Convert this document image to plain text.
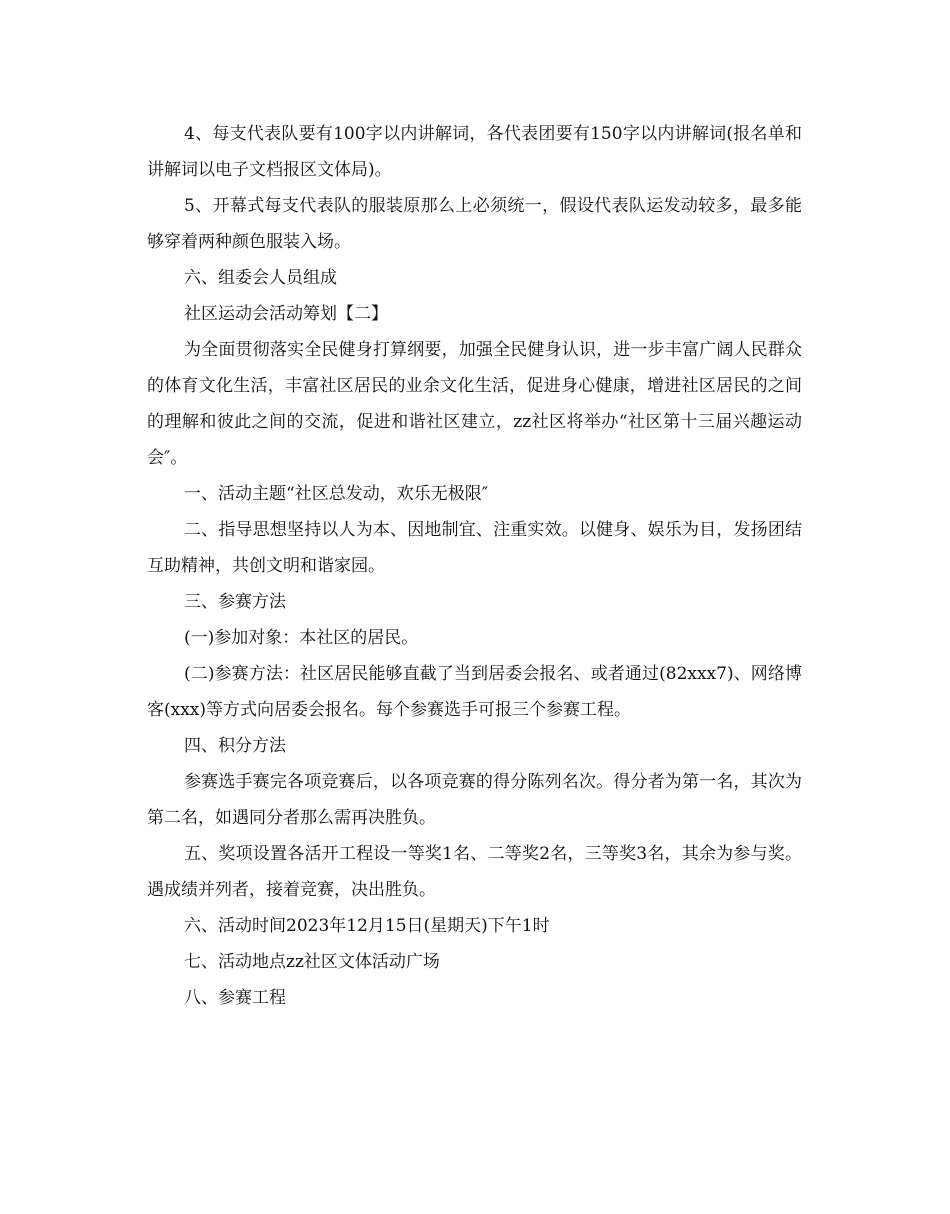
4、每支代表队要有100字以内讲解词，各代表团要有150字以内讲解词(报名单和讲解词以电子文档报区文体局)。

5、开幕式每支代表队的服装原那么上必须统一，假设代表队运发动较多，最多能够穿着两种颜色服装入场。

六、组委会人员组成

社区运动会活动筹划【二】

为全面贯彻落实全民健身打算纲要，加强全民健身认识，进一步丰富广阔人民群众的体育文化生活，丰富社区居民的业余文化生活，促进身心健康，增进社区居民的之间的理解和彼此之间的交流，促进和谐社区建立，zz社区将举办“社区第十三届兴趣运动会″。

一、活动主题“社区总发动，欢乐无极限″

二、指导思想坚持以人为本、因地制宜、注重实效。以健身、娱乐为目，发扬团结互助精神，共创文明和谐家园。

三、参赛方法

(一)参加对象：本社区的居民。

(二)参赛方法：社区居民能够直截了当到居委会报名、或者通过(82xxx7)、网络博客(xxx)等方式向居委会报名。每个参赛选手可报三个参赛工程。

四、积分方法

参赛选手赛完各项竞赛后，以各项竞赛的得分陈列名次。得分者为第一名，其次为第二名，如遇同分者那么需再决胜负。

五、奖项设置各活开工程设一等奖1名、二等奖2名，三等奖3名，其余为参与奖。遇成绩并列者，接着竞赛，决出胜负。

六、活动时间2023年12月15日(星期天)下午1时

七、活动地点zz社区文体活动广场

八、参赛工程
